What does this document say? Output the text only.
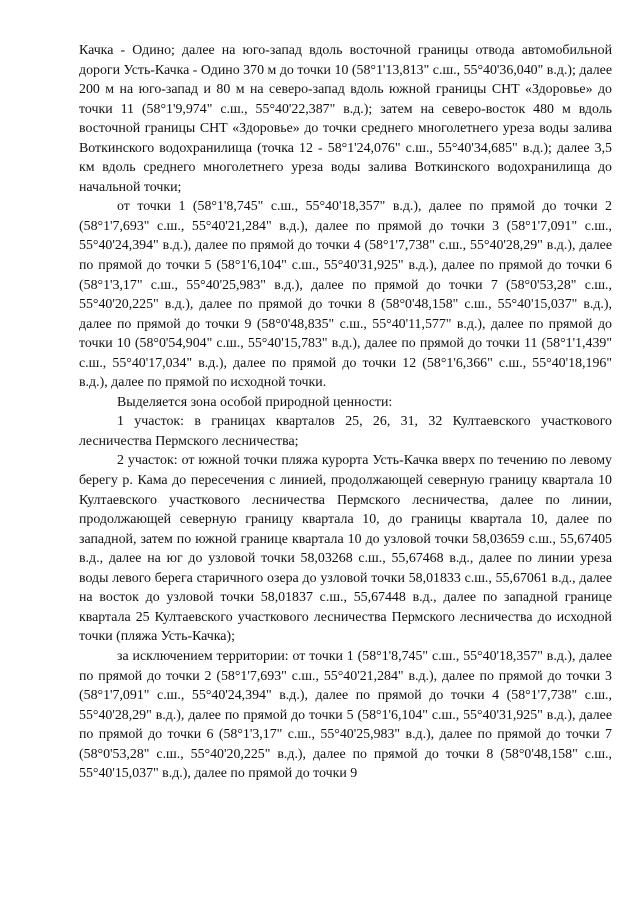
Качка - Одино; далее на юго-запад вдоль восточной границы отвода автомобильной дороги Усть-Качка - Одино 370 м до точки 10 (58°1'13,813" с.ш., 55°40'36,040" в.д.); далее 200 м на юго-запад и 80 м на северо-запад вдоль южной границы СНТ «Здоровье» до точки 11 (58°1'9,974" с.ш., 55°40'22,387" в.д.); затем на северо-восток 480 м вдоль восточной границы СНТ «Здоровье» до точки среднего многолетнего уреза воды залива Воткинского водохранилища (точка 12 - 58°1'24,076" с.ш., 55°40'34,685" в.д.); далее 3,5 км вдоль среднего многолетнего уреза воды залива Воткинского водохранилища до начальной точки;

от точки 1 (58°1'8,745" с.ш., 55°40'18,357" в.д.), далее по прямой до точки 2 (58°1'7,693" с.ш., 55°40'21,284" в.д.), далее по прямой до точки 3 (58°1'7,091" с.ш., 55°40'24,394" в.д.), далее по прямой до точки 4 (58°1'7,738" с.ш., 55°40'28,29" в.д.), далее по прямой до точки 5 (58°1'6,104" с.ш., 55°40'31,925" в.д.), далее по прямой до точки 6 (58°1'3,17" с.ш., 55°40'25,983" в.д.), далее по прямой до точки 7 (58°0'53,28" с.ш., 55°40'20,225" в.д.), далее по прямой до точки 8 (58°0'48,158" с.ш., 55°40'15,037" в.д.), далее по прямой до точки 9 (58°0'48,835" с.ш., 55°40'11,577" в.д.), далее по прямой до точки 10 (58°0'54,904" с.ш., 55°40'15,783" в.д.), далее по прямой до точки 11 (58°1'1,439" с.ш., 55°40'17,034" в.д.), далее по прямой до точки 12 (58°1'6,366" с.ш., 55°40'18,196" в.д.), далее по прямой по исходной точки.

Выделяется зона особой природной ценности:

1 участок: в границах кварталов 25, 26, 31, 32 Култаевского участкового лесничества Пермского лесничества;

2 участок: от южной точки пляжа курорта Усть-Качка вверх по течению по левому берегу р. Кама до пересечения с линией, продолжающей северную границу квартала 10 Култаевского участкового лесничества Пермского лесничества, далее по линии, продолжающей северную границу квартала 10, до границы квартала 10, далее по западной, затем по южной границе квартала 10 до узловой точки 58,03659 с.ш., 55,67405 в.д., далее на юг до узловой точки 58,03268 с.ш., 55,67468 в.д., далее по линии уреза воды левого берега старичного озера до узловой точки 58,01833 с.ш., 55,67061 в.д., далее на восток до узловой точки 58,01837 с.ш., 55,67448 в.д., далее по западной границе квартала 25 Култаевского участкового лесничества Пермского лесничества до исходной точки (пляжа Усть-Качка);

за исключением территории: от точки 1 (58°1'8,745" с.ш., 55°40'18,357" в.д.), далее по прямой до точки 2 (58°1'7,693" с.ш., 55°40'21,284" в.д.), далее по прямой до точки 3 (58°1'7,091" с.ш., 55°40'24,394" в.д.), далее по прямой до точки 4 (58°1'7,738" с.ш., 55°40'28,29" в.д.), далее по прямой до точки 5 (58°1'6,104" с.ш., 55°40'31,925" в.д.), далее по прямой до точки 6 (58°1'3,17" с.ш., 55°40'25,983" в.д.), далее по прямой до точки 7 (58°0'53,28" с.ш., 55°40'20,225" в.д.), далее по прямой до точки 8 (58°0'48,158" с.ш., 55°40'15,037" в.д.), далее по прямой до точки 9
